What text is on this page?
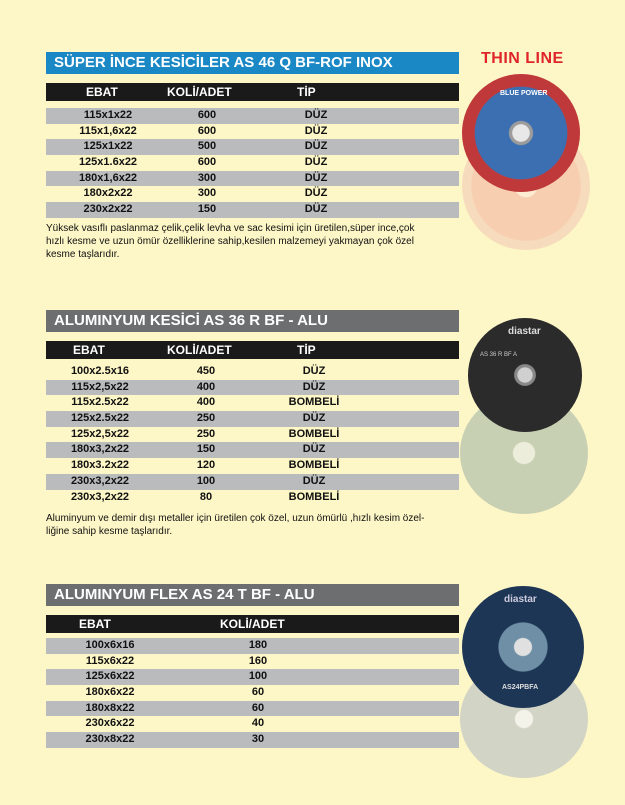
THIN LINE
SÜPER İNCE KESİCİLER AS 46 Q BF-ROF INOX
EBAT	KOLİ/ADET	TİP
115x1x22	600	DÜZ
115x1,6x22	600	DÜZ
125x1x22	500	DÜZ
125x1.6x22	600	DÜZ
180x1,6x22	300	DÜZ
180x2x22	300	DÜZ
230x2x22	150	DÜZ
Yüksek vasıflı paslanmaz çelik,çelik levha ve sac kesimi için üretilen,süper ince,çok
hızlı kesme ve uzun ömür özelliklerine sahip,kesilen malzemeyi yakmayan çok özel
kesme taşlarıdır.
ALUMINYUM KESİCİ AS 36 R BF - ALU
EBAT	KOLİ/ADET	TİP
100x2.5x16	450	DÜZ
115x2,5x22	400	DÜZ
115x2.5x22	400	BOMBELİ
125x2.5x22	250	DÜZ
125x2,5x22	250	BOMBELİ
180x3,2x22	150	DÜZ
180x3.2x22	120	BOMBELİ
230x3,2x22	100	DÜZ
230x3,2x22	80	BOMBELİ
Aluminyum ve demir dışı metaller için üretilen çok özel, uzun ömürlü ,hızlı kesim özel-
liğine sahip kesme taşlarıdır.
ALUMINYUM FLEX AS 24 T BF - ALU
EBAT	KOLİ/ADET
100x6x16	180
115x6x22	160
125x6x22	100
180x6x22	60
180x8x22	60
230x6x22	40
230x8x22	30
BLUE POWER
diastar
AS 36 R BF A
diastar
AS24PBFA
